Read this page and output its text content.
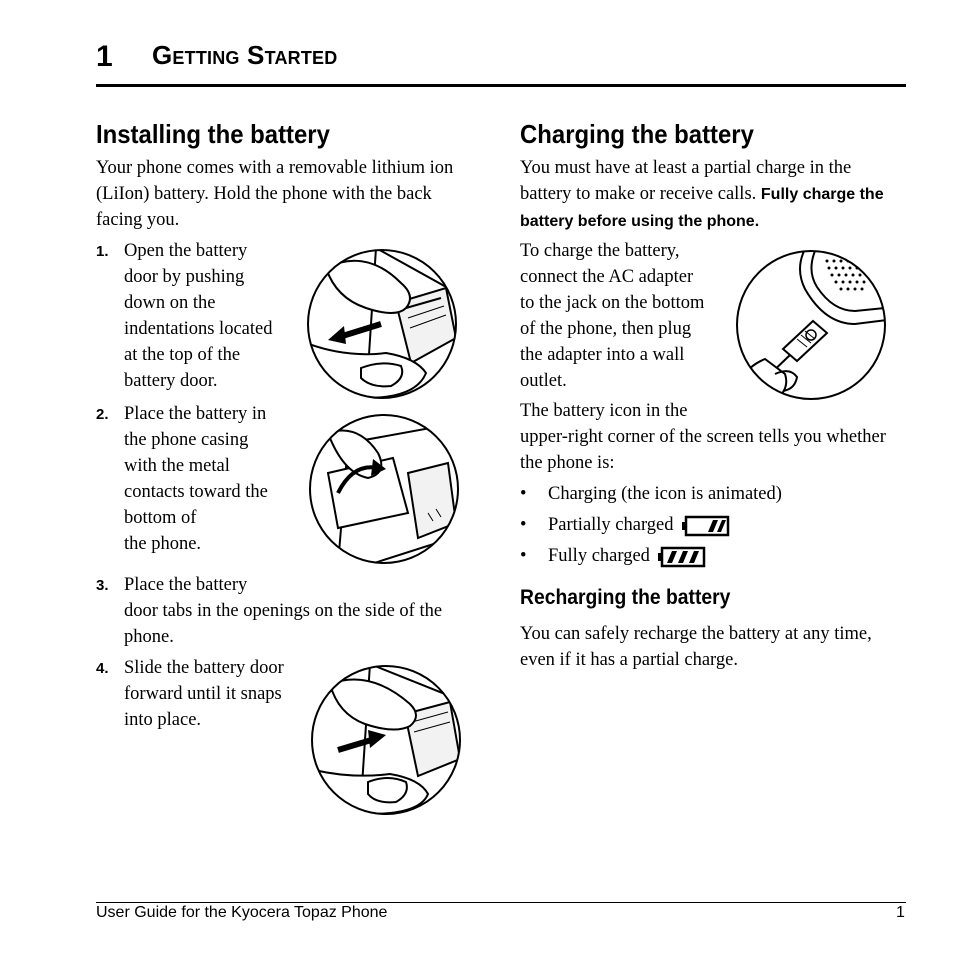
1 Getting Started
Installing the battery

Your phone comes with a removable lithium ion

(LiIon) battery. Hold the phone with the back

facing you.

1. Open the battery

door by pushing

down on the

indentations located

at the top of the

battery door.

2. Place the battery in

the phone casing

with the metal

contacts toward the

bottom of

the phone.

3. Place the battery

door tabs in the openings on the side of the

phone.

4. Slide the battery door

forward until it snaps

into place.

Charging the battery

You must have at least a partial charge in the

battery to make or receive calls. Fully charge the

battery before using the phone.

To charge the battery,

connect the AC adapter

to the jack on the bottom

of the phone, then plug

the adapter into a wall

outlet.

The battery icon in the

upper-right corner of the screen tells you whether

the phone is:

•	Charging (the icon is animated)
•	Partially charged
•	Fully charged
Recharging the battery

You can safely recharge the battery at any time,

even if it has a partial charge.

User Guide for the Kyocera Topaz Phone	1
